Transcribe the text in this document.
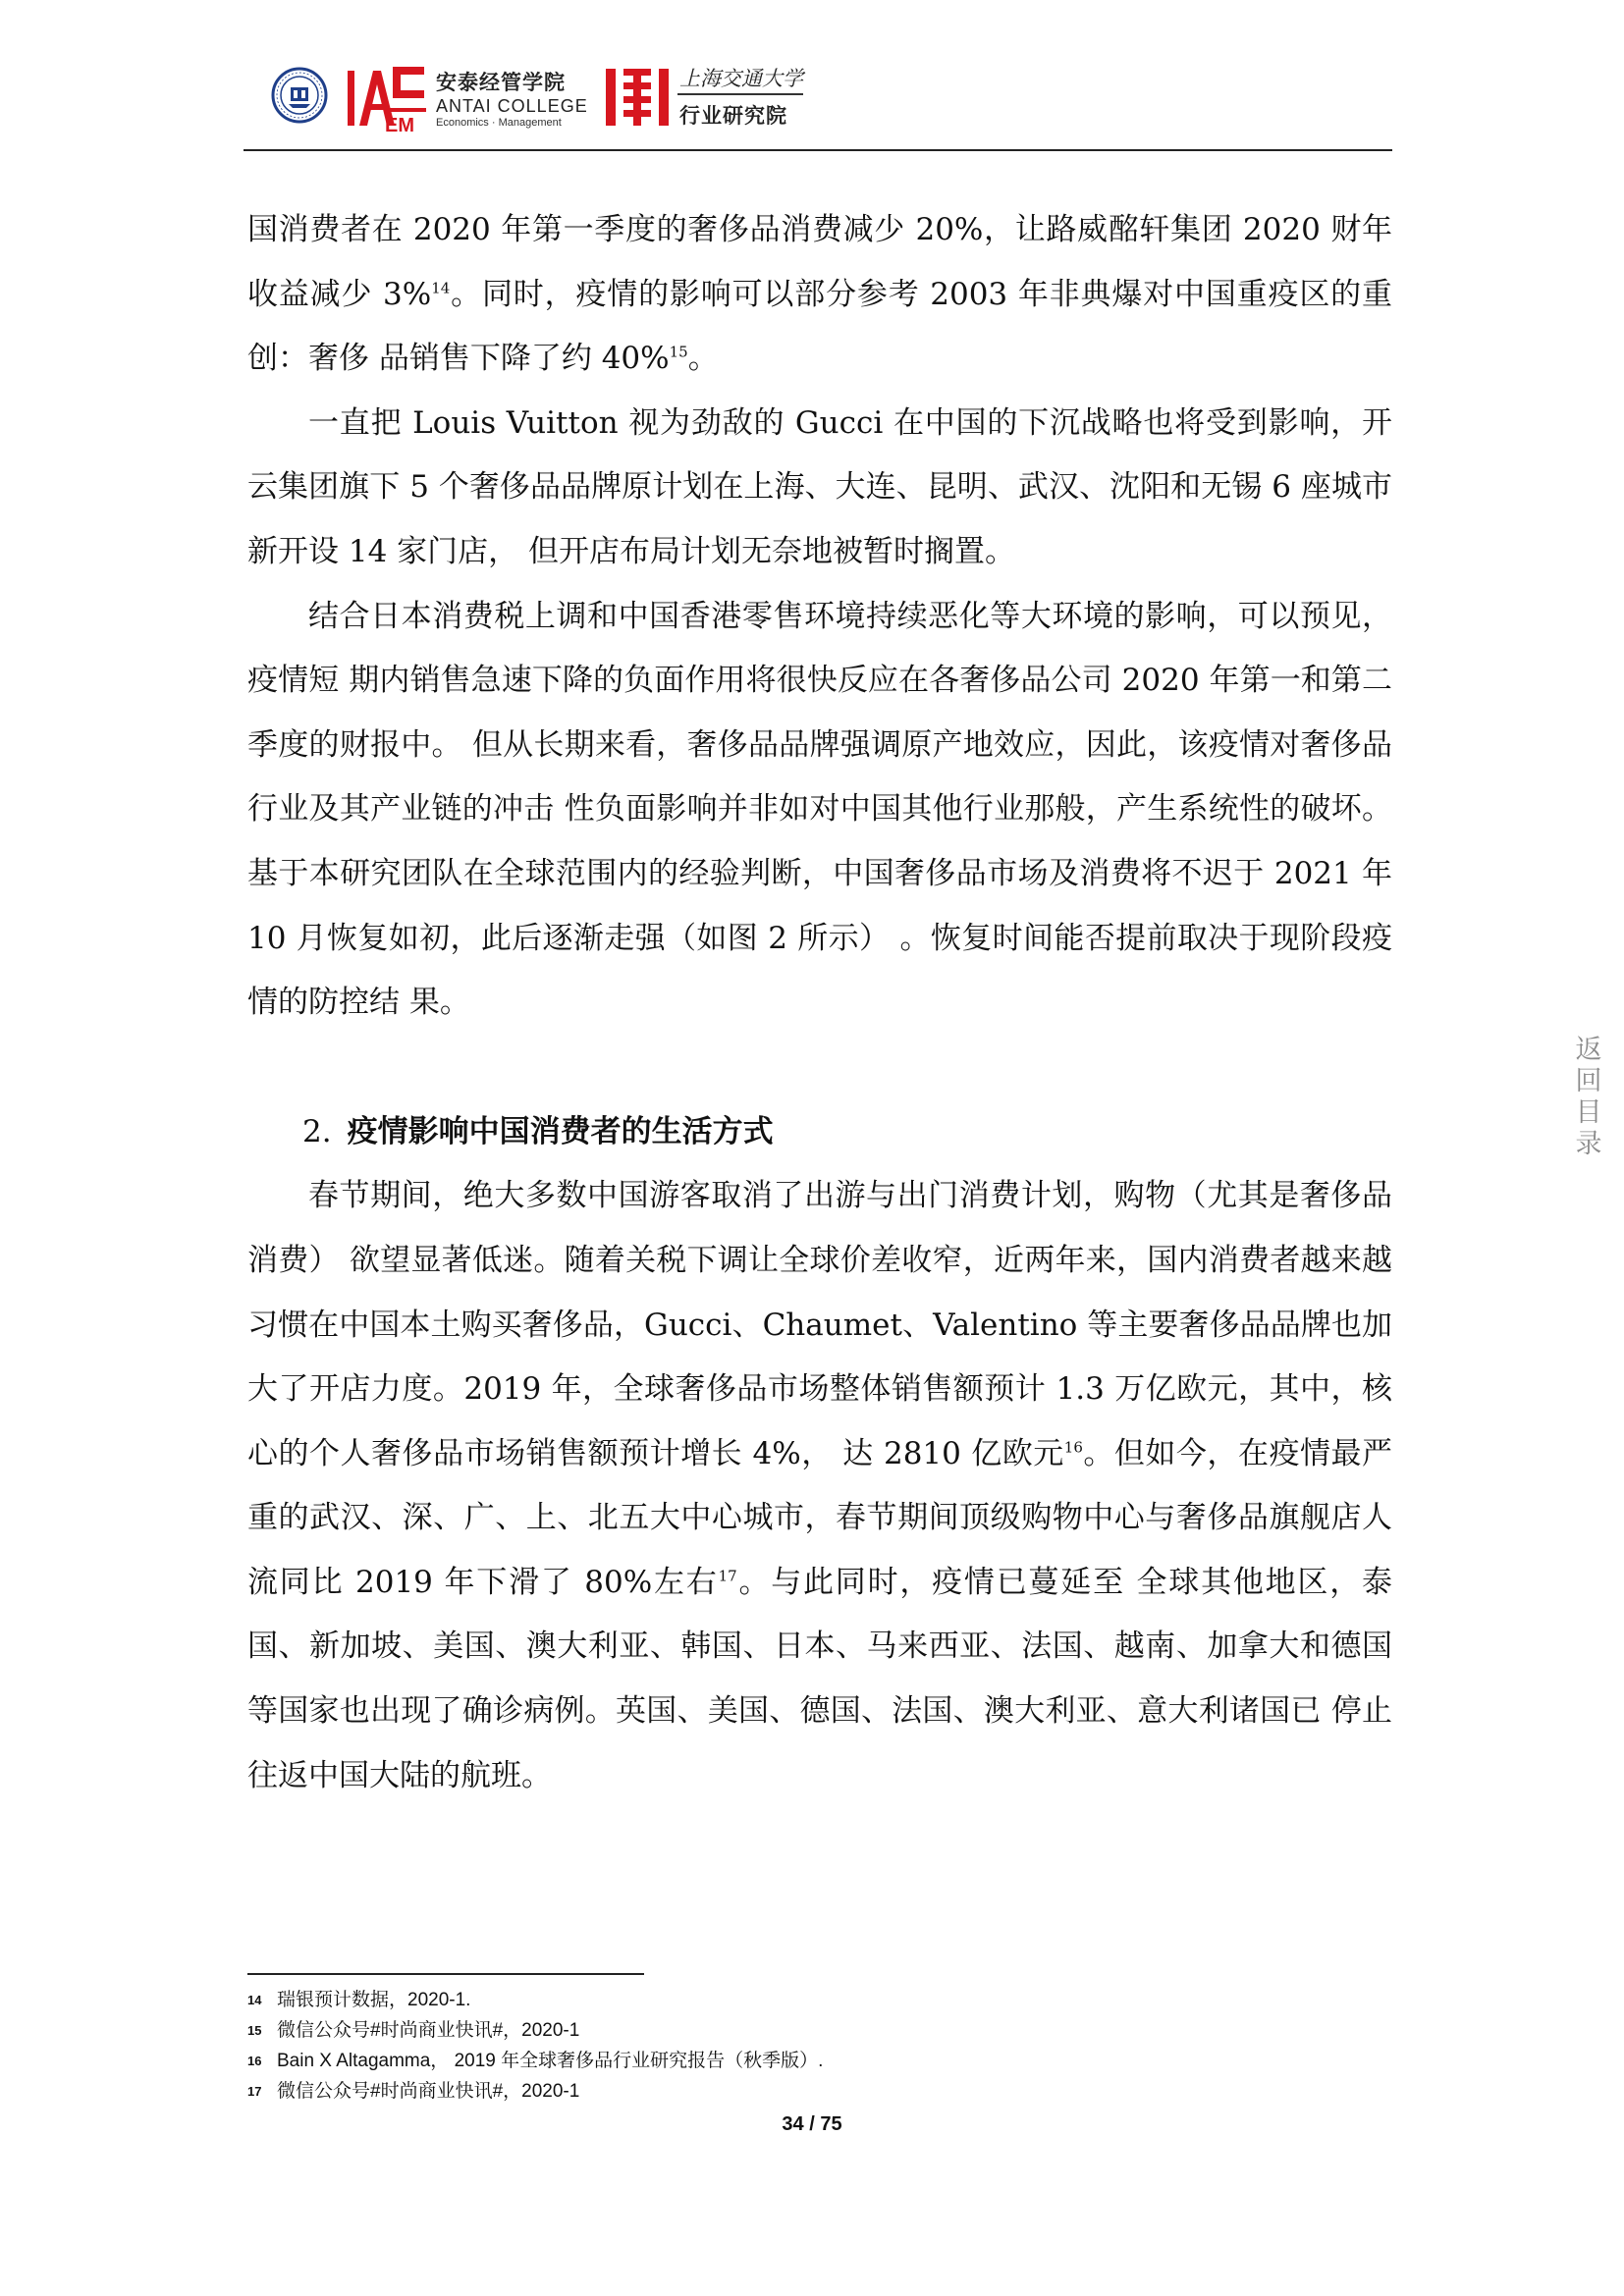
EM
安泰经管学院
ANTAI COLLEGE
Economics · Management
上海交通大学
行业研究院

国消费者在 2020 年第一季度的奢侈品消费减少 20%，让路威酩轩集团 2020 财年 收益减少 3%$^{14}$。同时，疫情的影响可以部分参考 2003 年非典爆对中国重疫区的重创：奢侈 品销售下降了约 40%$^{15}$。

一直把 Louis Vuitton 视为劲敌的 Gucci 在中国的下沉战略也将受到影响，开云集团旗下 5 个奢侈品品牌原计划在上海、大连、昆明、武汉、沈阳和无锡 6 座城市新开设 14 家门店， 但开店布局计划无奈地被暂时搁置。

结合日本消费税上调和中国香港零售环境持续恶化等大环境的影响，可以预见，疫情短 期内销售急速下降的负面作用将很快反应在各奢侈品公司 2020 年第一和第二季度的财报中。 但从长期来看，奢侈品品牌强调原产地效应，因此，该疫情对奢侈品行业及其产业链的冲击 性负面影响并非如对中国其他行业那般，产生系统性的破坏。 基于本研究团队在全球范围内的经验判断，中国奢侈品市场及消费将不迟于 2021 年 10 月恢复如初，此后逐渐走强（如图 2 所示） 。恢复时间能否提前取决于现阶段疫情的防控结 果。

2. 疫情影响中国消费者的生活方式

春节期间，绝大多数中国游客取消了出游与出门消费计划，购物（尤其是奢侈品消费） 欲望显著低迷。随着关税下调让全球价差收窄，近两年来，国内消费者越来越习惯在中国本土购买奢侈品，Gucci、Chaumet、Valentino 等主要奢侈品品牌也加大了开店力度。2019 年，全球奢侈品市场整体销售额预计 1.3 万亿欧元，其中，核心的个人奢侈品市场销售额预计增长 4%， 达 2810 亿欧元$^{16}$。但如今，在疫情最严重的武汉、深、广、上、北五大中心城市，春节期间顶级购物中心与奢侈品旗舰店人流同比 2019 年下滑了 80%左右$^{17}$。与此同时，疫情已蔓延至 全球其他地区，泰国、新加坡、美国、澳大利亚、韩国、日本、马来西亚、法国、越南、加拿大和德国等国家也出现了确诊病例。英国、美国、德国、法国、澳大利亚、意大利诸国已 停止往返中国大陆的航班。

返
回
目
录
14 瑞银预计数据，2020-1.
15 微信公众号#时尚商业快讯#，2020-1
16 Bain X Altagamma， 2019 年全球奢侈品行业研究报告（秋季版）.
17 微信公众号#时尚商业快讯#，2020-1
34 / 75
